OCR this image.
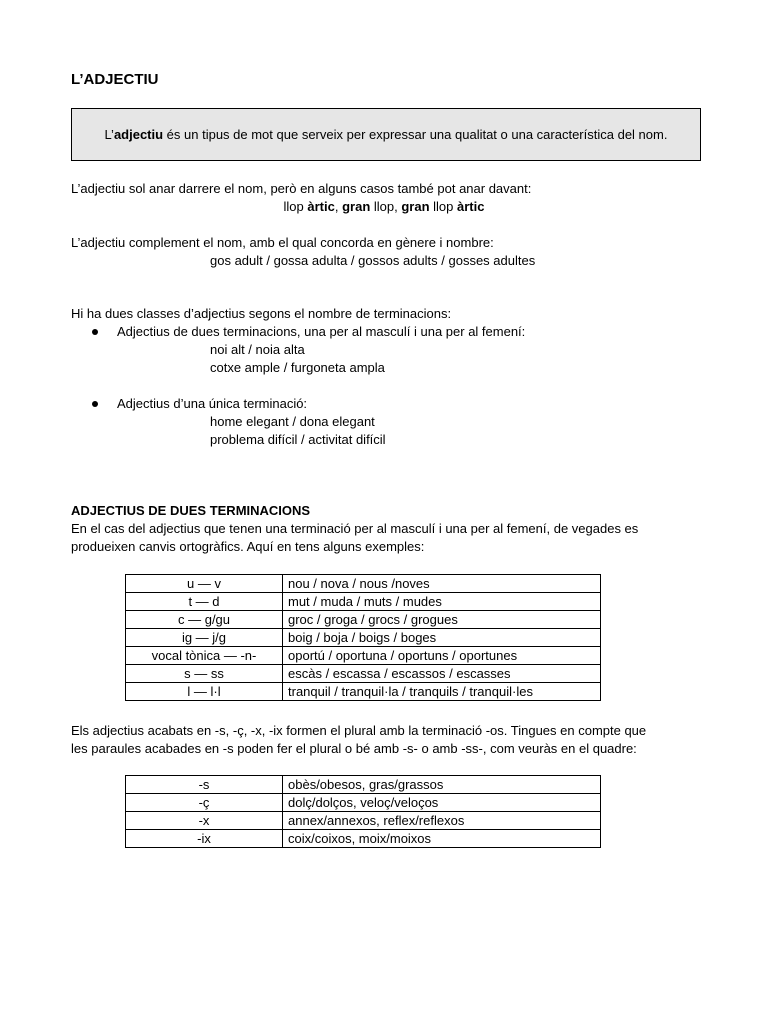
L’ADJECTIU
L’adjectiu és un tipus de mot que serveix per expressar una qualitat o una característica del nom.
L’adjectiu sol anar darrere el nom, però en alguns casos també pot anar davant:
llop àrtic, gran llop, gran llop àrtic
L’adjectiu complement el nom, amb el qual concorda en gènere i nombre:
gos adult / gossa adulta / gossos adults / gosses adultes
Hi ha dues classes d’adjectius segons el nombre de terminacions:
Adjectius de dues terminacions, una per al masculí i una per al femení:
noi alt / noia alta
cotxe ample / furgoneta ampla
Adjectius d’una única terminació:
home elegant / dona elegant
problema difícil / activitat difícil
ADJECTIUS DE DUES TERMINACIONS
En el cas del adjectius que tenen una terminació per al masculí i una per al femení, de vegades es
produeixen canvis ortogràfics. Aquí en tens alguns exemples:
u — v	nou / nova / nous /noves
t — d	mut / muda / muts / mudes
c — g/gu	groc / groga / grocs / grogues
ig — j/g	boig / boja / boigs / boges
vocal tònica — -n-	oportú / oportuna / oportuns / oportunes
s — ss	escàs / escassa / escassos / escasses
l — l·l	tranquil / tranquil·la / tranquils / tranquil·les
Els adjectius acabats en -s, -ç, -x, -ix formen el plural amb la terminació -os. Tingues en compte que
les paraules acabades en -s poden fer el plural o bé amb -s- o amb -ss-, com veuràs en el quadre:
-s	obès/obesos, gras/grassos
-ç	dolç/dolços, veloç/veloços
-x	annex/annexos, reflex/reflexos
-ix	coix/coixos, moix/moixos
